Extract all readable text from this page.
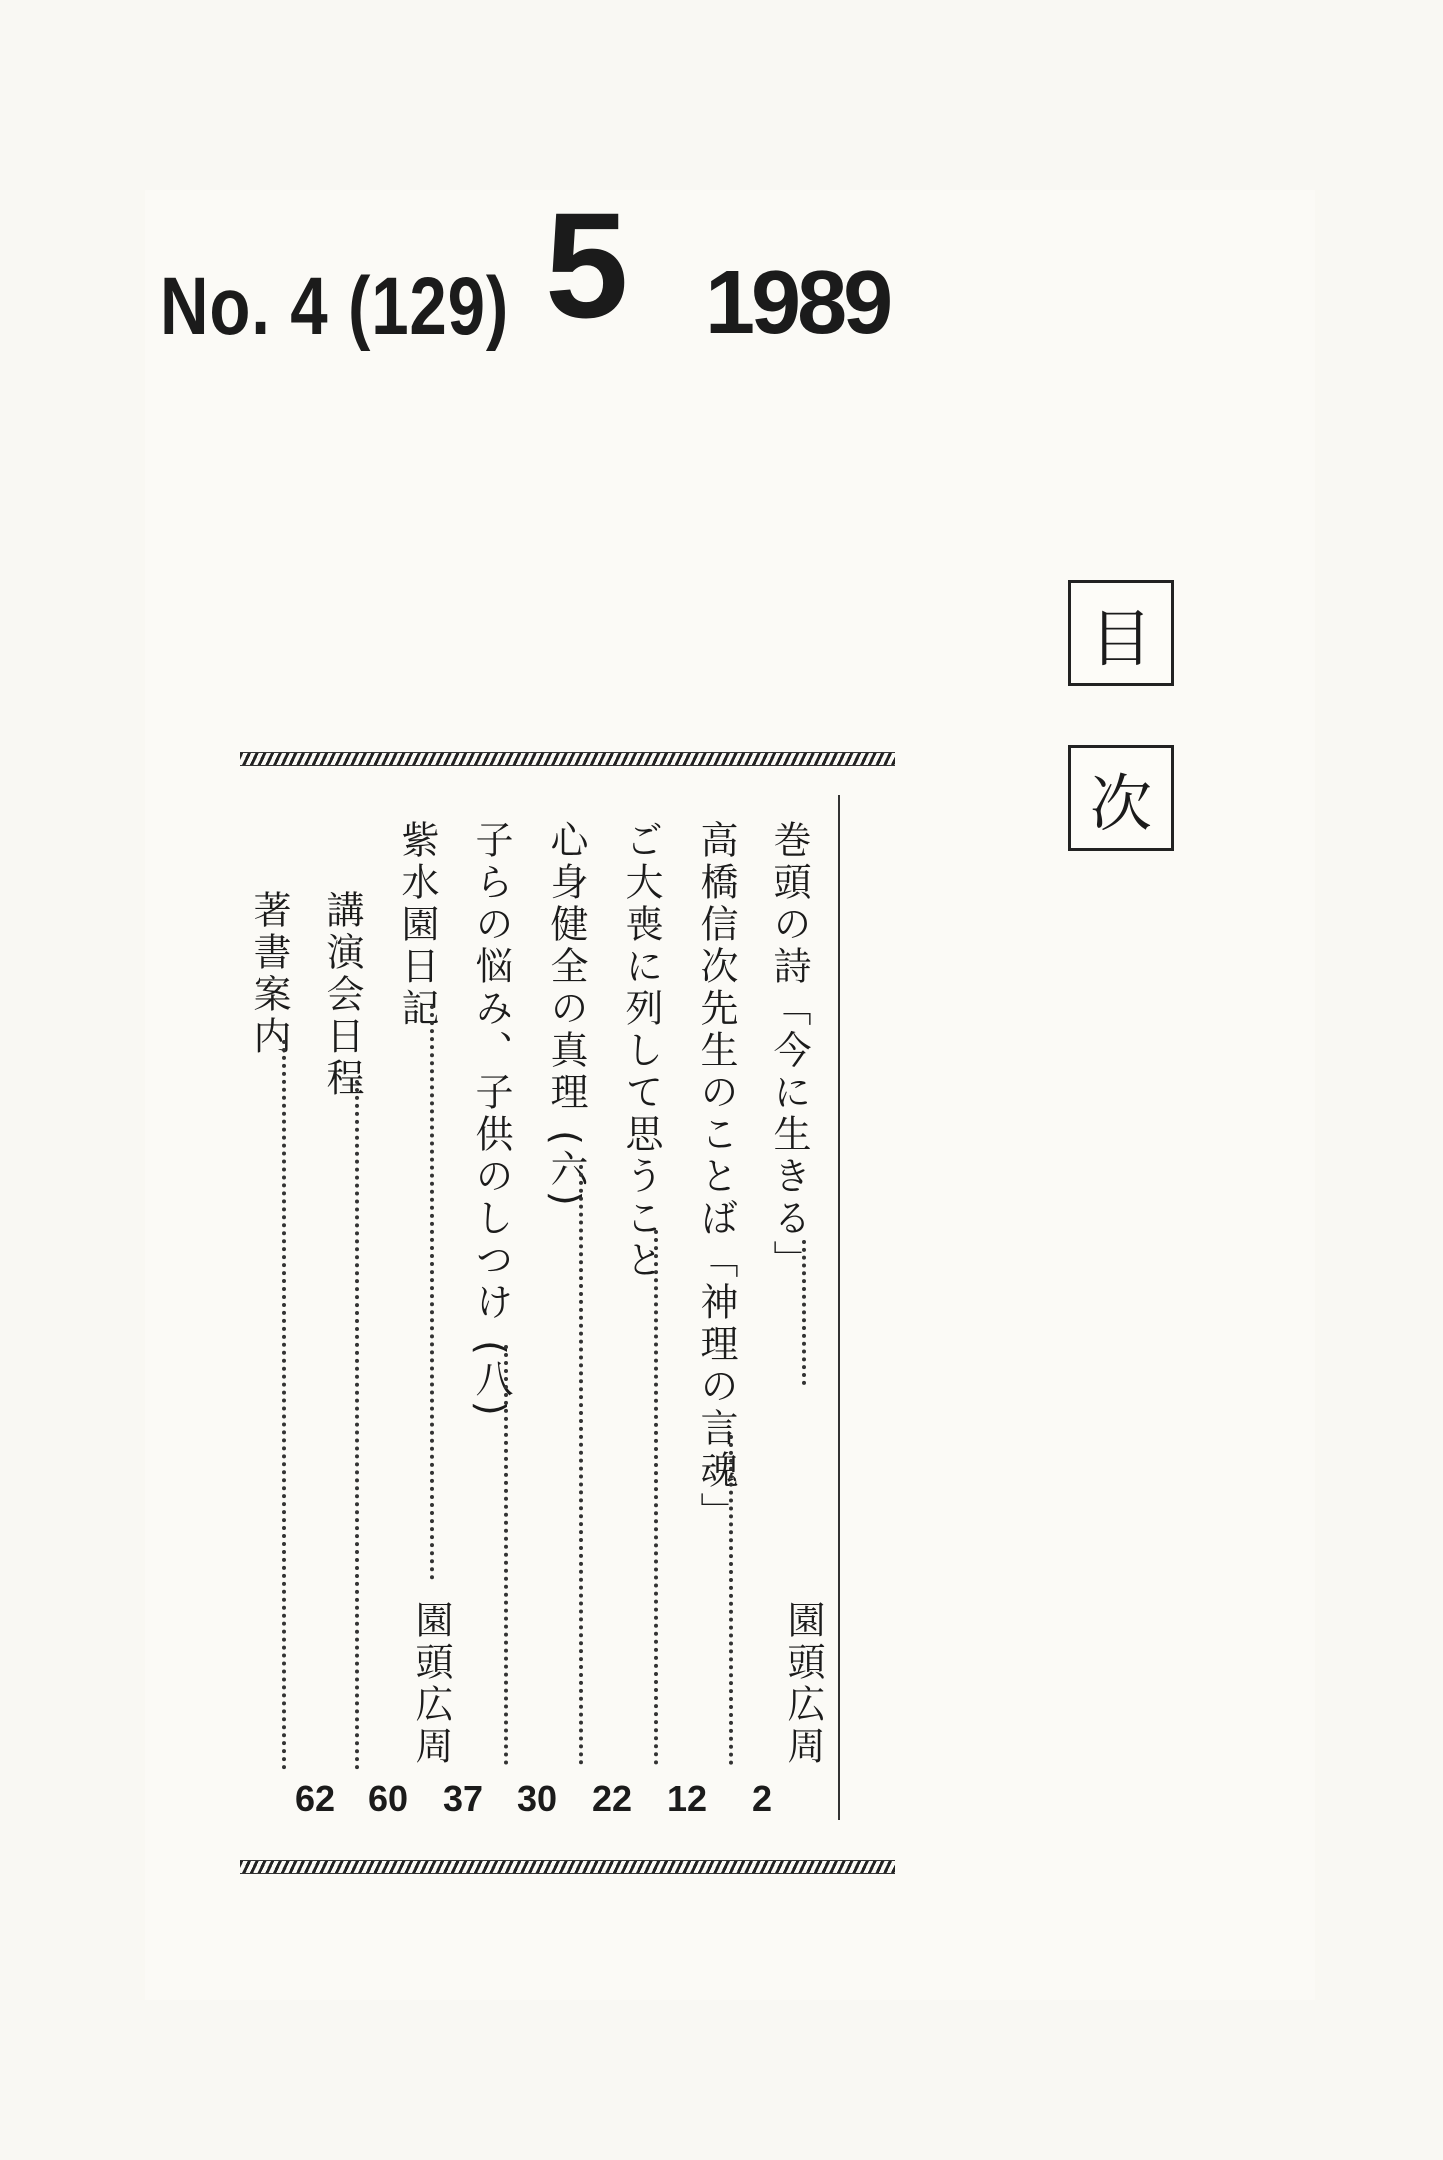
No. 4 (129) 5 1989
目
次
巻頭の詩「今に生きる」
園頭広周
高橋信次先生のことば「神理の言魂」
2
ご大喪に列して思うこと
12
心身健全の真理 (六)
22
子らの悩み、子供のしつけ (八)
30
紫水園日記
園頭広周
37
講演会日程
60
著書案内
62
